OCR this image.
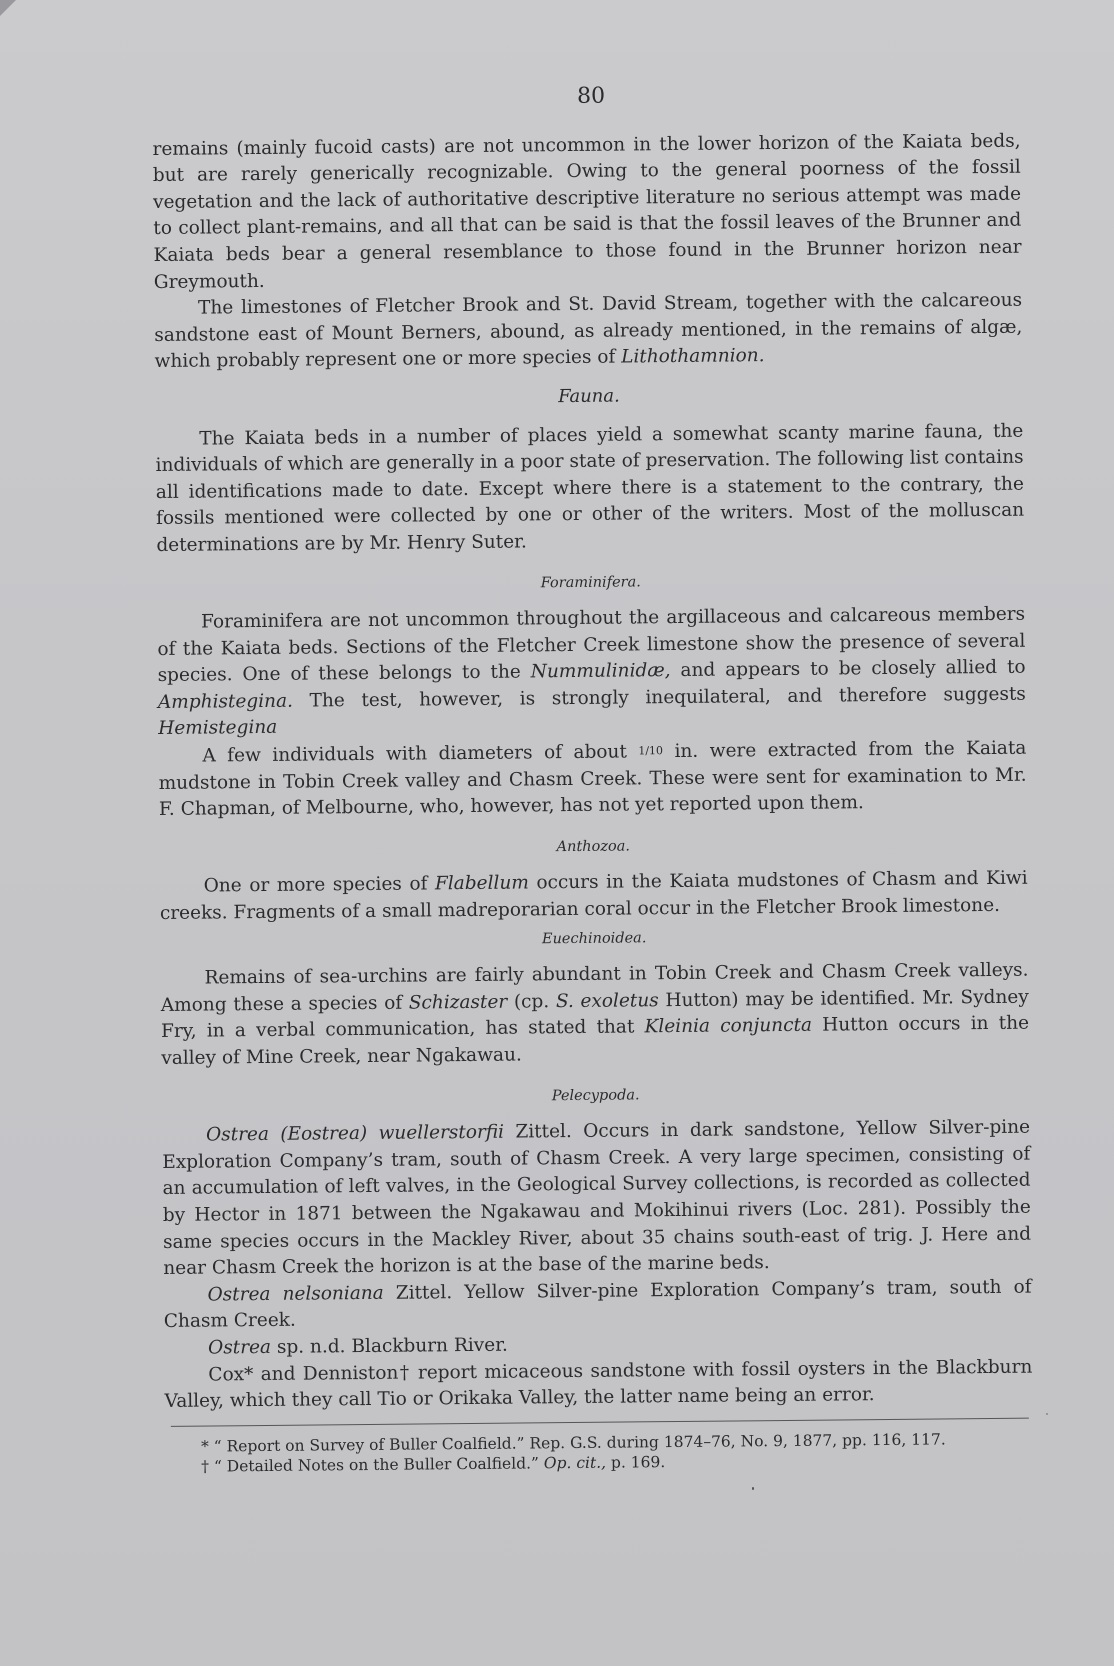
80

remains (mainly fucoid casts) are not uncommon in the lower horizon of the Kaiata beds, but are rarely generically recognizable. Owing to the general poorness of the fossil vegetation and the lack of authoritative descriptive literature no serious attempt was made to collect plant-remains, and all that can be said is that the fossil leaves of the Brunner and Kaiata beds bear a general resemblance to those found in the Brunner horizon near Greymouth.

The limestones of Fletcher Brook and St. David Stream, together with the calcareous sandstone east of Mount Berners, abound, as already mentioned, in the remains of algæ, which probably represent one or more species of Lithothamnion.

Fauna.

The Kaiata beds in a number of places yield a somewhat scanty marine fauna, the individuals of which are generally in a poor state of preservation. The following list contains all identifications made to date. Except where there is a statement to the contrary, the fossils mentioned were collected by one or other of the writers. Most of the molluscan determinations are by Mr. Henry Suter.

Foraminifera.

Foraminifera are not uncommon throughout the argillaceous and calcareous members of the Kaiata beds. Sections of the Fletcher Creek limestone show the presence of several species. One of these belongs to the Nummulinidæ, and appears to be closely allied to Amphistegina. The test, however, is strongly inequilateral, and therefore suggests Hemistegina

A few individuals with diameters of about 1/10 in. were extracted from the Kaiata mudstone in Tobin Creek valley and Chasm Creek. These were sent for examination to Mr. F. Chapman, of Melbourne, who, however, has not yet reported upon them.

Anthozoa.

One or more species of Flabellum occurs in the Kaiata mudstones of Chasm and Kiwi creeks. Fragments of a small madreporarian coral occur in the Fletcher Brook limestone.

Euechinoidea.

Remains of sea-urchins are fairly abundant in Tobin Creek and Chasm Creek valleys. Among these a species of Schizaster (cp. S. exoletus Hutton) may be identified. Mr. Sydney Fry, in a verbal communication, has stated that Kleinia conjuncta Hutton occurs in the valley of Mine Creek, near Ngakawau.

Pelecypoda.

Ostrea (Eostrea) wuellerstorfii Zittel. Occurs in dark sandstone, Yellow Silver-pine Exploration Company’s tram, south of Chasm Creek. A very large specimen, consisting of an accumulation of left valves, in the Geological Survey collections, is recorded as collected by Hector in 1871 between the Ngakawau and Mokihinui rivers (Loc. 281). Possibly the same species occurs in the Mackley River, about 35 chains south-east of trig. J. Here and near Chasm Creek the horizon is at the base of the marine beds.

Ostrea nelsoniana Zittel. Yellow Silver-pine Exploration Company’s tram, south of Chasm Creek.

Ostrea sp. n.d. Blackburn River.

Cox* and Denniston† report micaceous sandstone with fossil oysters in the Blackburn Valley, which they call Tio or Orikaka Valley, the latter name being an error.

* “ Report on Survey of Buller Coalfield.” Rep. G.S. during 1874–76, No. 9, 1877, pp. 116, 117.

† “ Detailed Notes on the Buller Coalfield.” Op. cit., p. 169.
